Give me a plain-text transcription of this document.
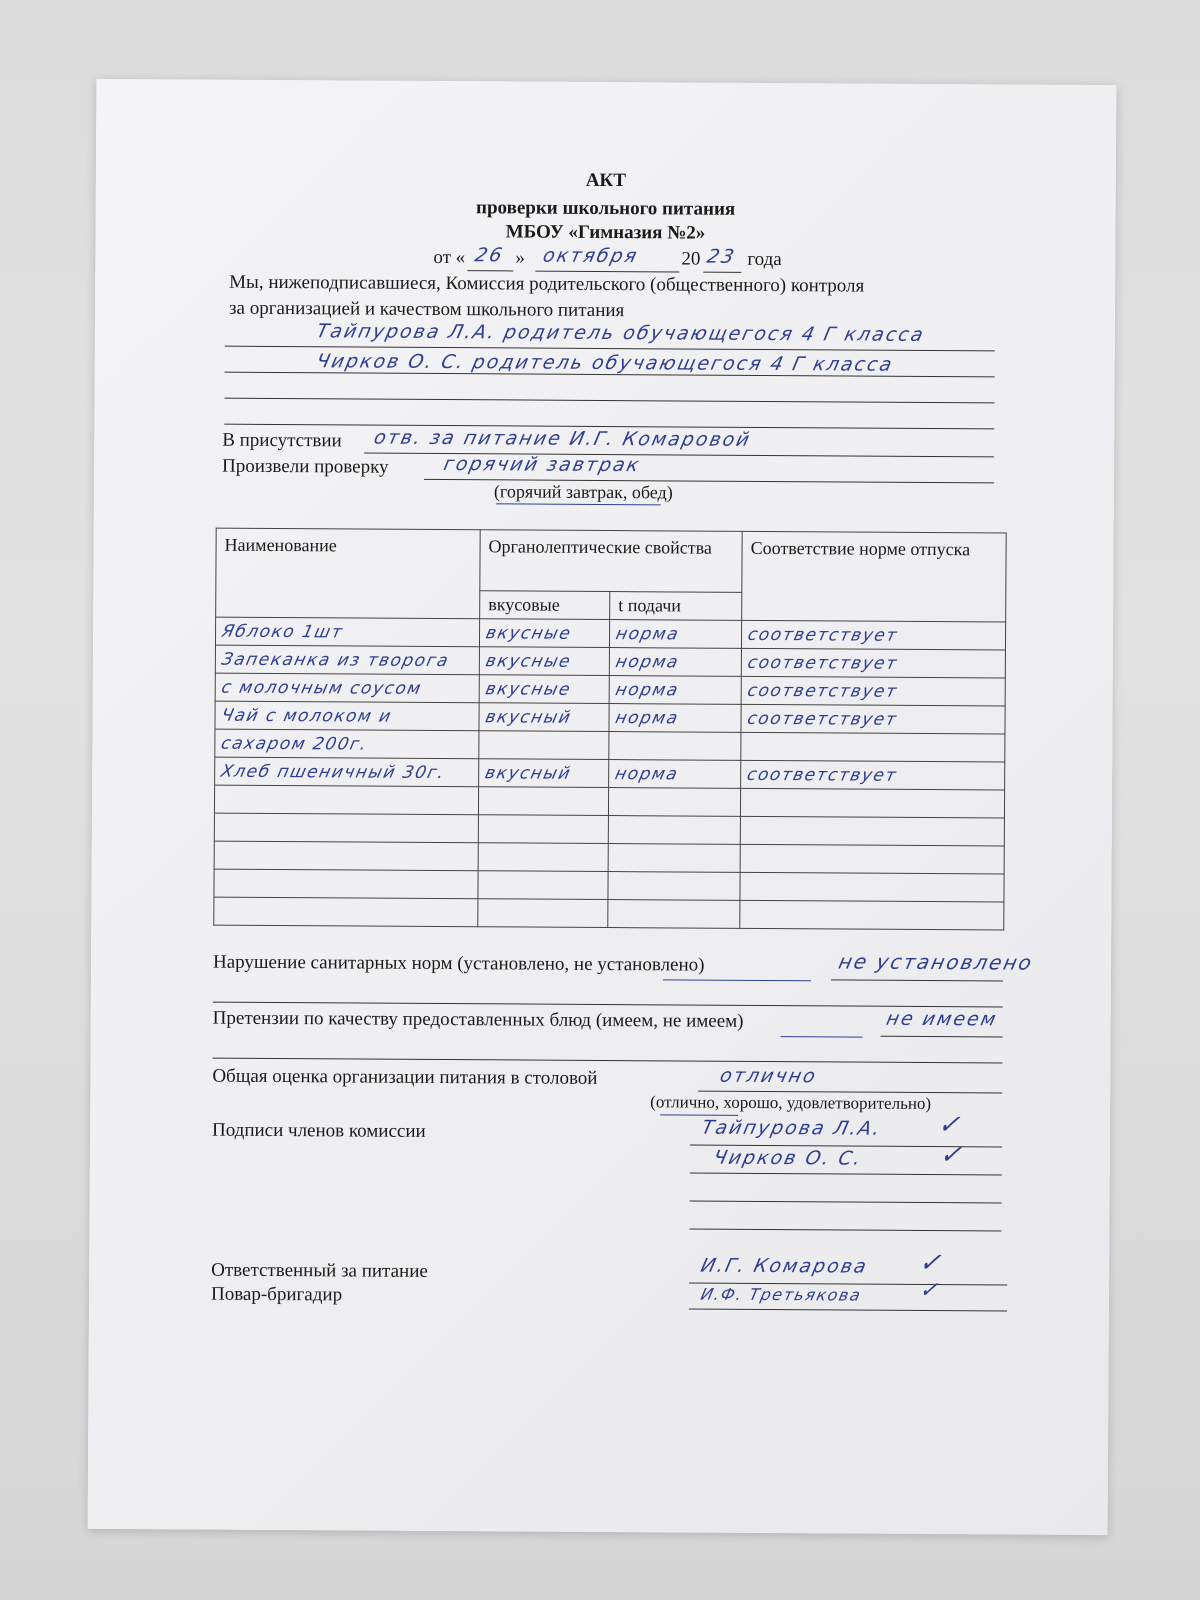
АКТ
проверки школьного питания
МБОУ «Гимназия №2»
от « 26 » октября 20 23 года
Мы, нижеподписавшиеся, Комиссия родительского (общественного) контроля
за организацией и качеством школьного питания
Тайпурова Л.А. родитель обучающегося 4 Г класса
Чирков О. С. родитель обучающегося 4 Г класса
В присутствии отв. за питание И.Г. Комаровой
Произвели проверку	горячий завтрак
(горячий завтрак, обед)
Наименование	Органолептические свойства		Соответствие норме отпуска
	вкусовые	t подачи	
Яблоко 1шт	вкусные	норма	соответствует
Запеканка из творога	вкусные	норма	соответствует
с молочным соусом	вкусные	норма	соответствует
Чай с молоком и	вкусный	норма	соответствует
сахаром 200г.			
Хлеб пшеничный 30г.	вкусный	норма	соответствует

Нарушение санитарных норм (установлено, не установлено)	не установлено
Претензии по качеству предоставленных блюд (имеем, не имеем)	не имеем
Общая оценка организации питания в столовой	отлично
(отлично, хорошо, удовлетворительно)
Подписи членов комиссии	Тайпурова Л.А. ✓
Чирков О. С.	✓
Ответственный за питание	И.Г. Комарова ✓
Повар-бригадир	И.Ф. Третьякова ✓
